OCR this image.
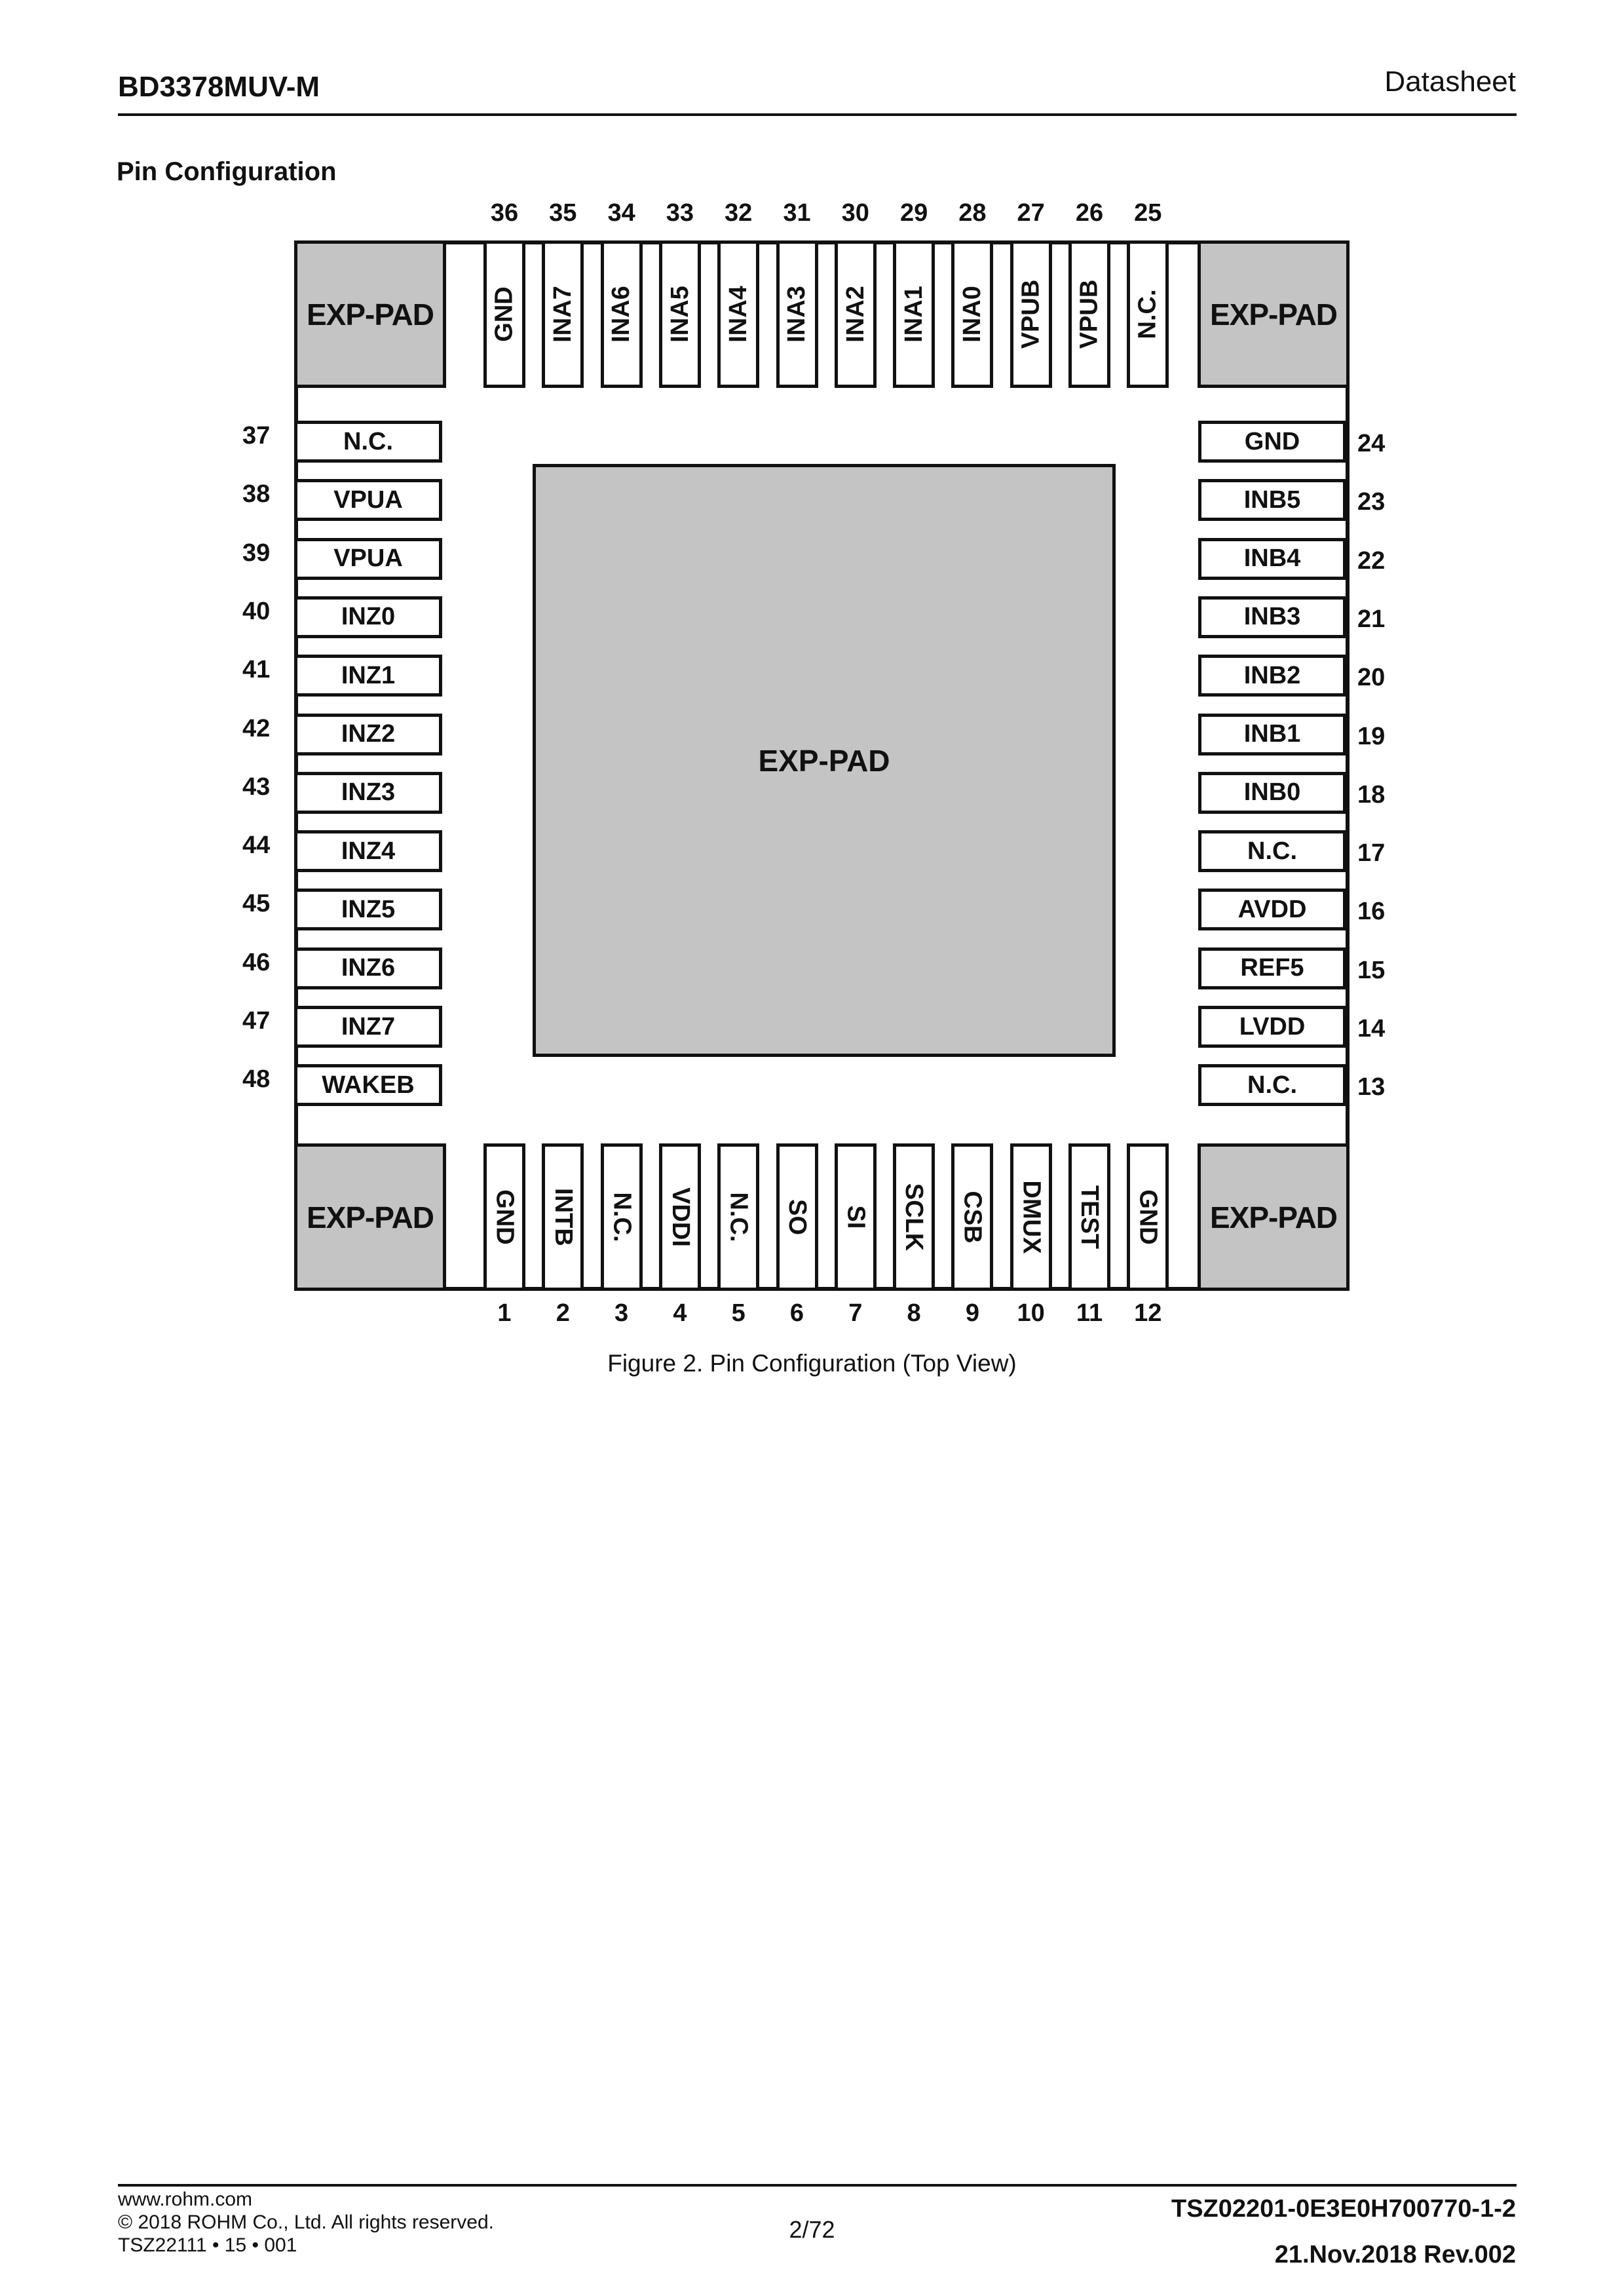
BD3378MUV-M	Datasheet
Pin Configuration
EXP-PAD	EXP-PAD
EXP-PAD	EXP-PAD
EXP-PAD
GND
36
INA7
35
INA6
34
INA5
33
INA4
32
INA3
31
INA2
30
INA1
29
INA0
28
VPUB
27
VPUB
26
N.C.
25
GND
1
INTB
2
N.C.
3
VDDI
4
N.C.
5
SO
6
SI
7
SCLK
8
CSB
9
DMUX
10
TEST
11
GND
12
N.C.
37
VPUA
38
VPUA
39
INZ0
40
INZ1
41
INZ2
42
INZ3
43
INZ4
44
INZ5
45
INZ6
46
INZ7
47
WAKEB
48
GND	24
INB5	23
INB4	22
INB3	21
INB2	20
INB1	19
INB0	18
N.C.	17
AVDD	16
REF5	15
LVDD	14
N.C.	13
Figure 2. Pin Configuration (Top View)
www.rohm.com
© 2018 ROHM Co., Ltd. All rights reserved.
TSZ22111 • 15 • 001
2/72
TSZ02201-0E3E0H700770-1-2
21.Nov.2018 Rev.002
